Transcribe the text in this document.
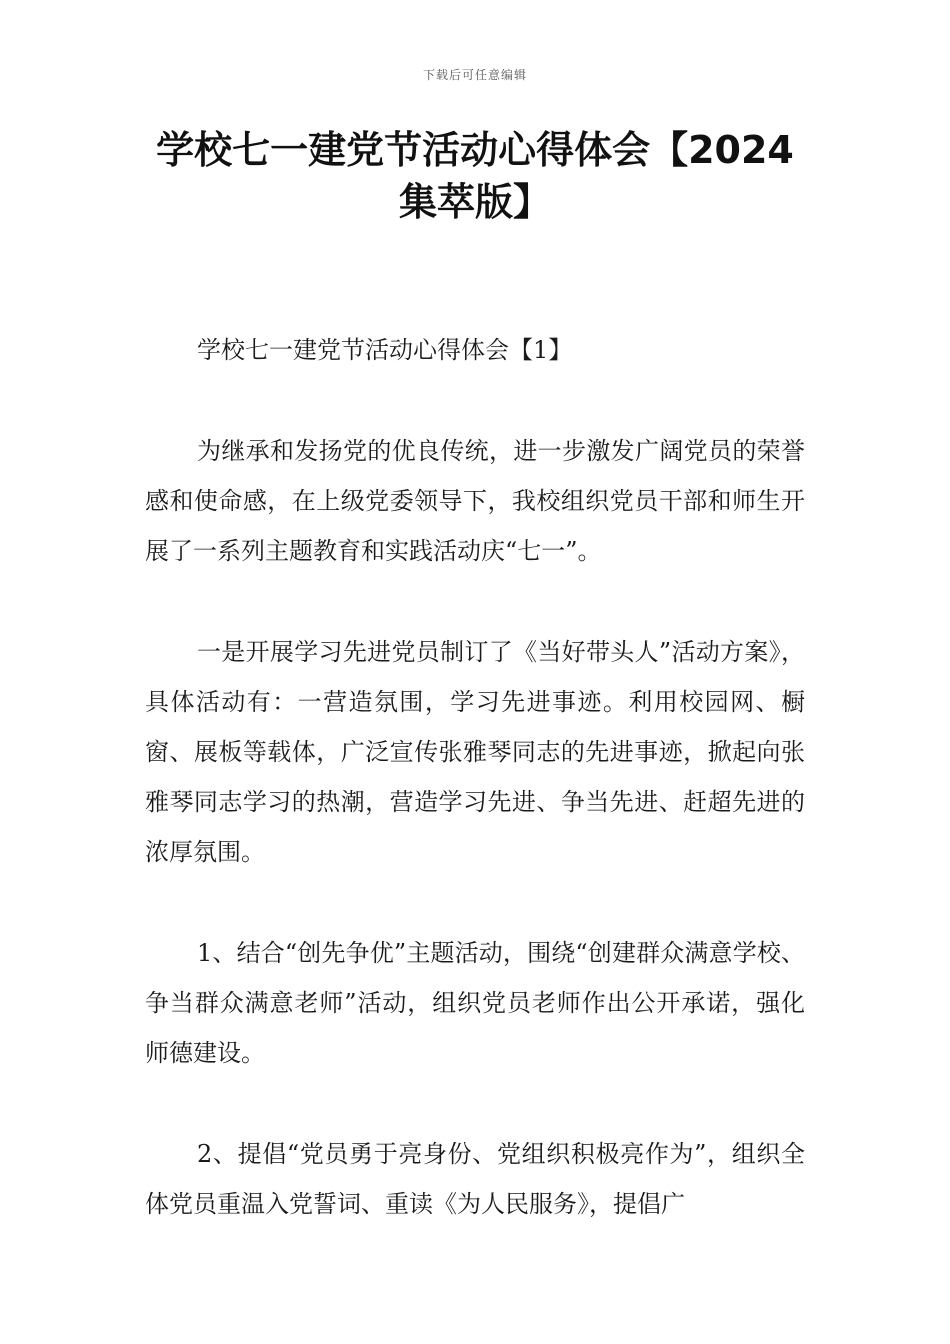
下载后可任意编辑
学校七一建党节活动心得体会【2024集萃版】

学校七一建党节活动心得体会【1】

为继承和发扬党的优良传统，进一步激发广阔党员的荣誉感和使命感，在上级党委领导下，我校组织党员干部和师生开展了一系列主题教育和实践活动庆“七一”。

一是开展学习先进党员制订了《当好带头人”活动方案》，具体活动有：一营造氛围，学习先进事迹。利用校园网、橱窗、展板等载体，广泛宣传张雅琴同志的先进事迹，掀起向张雅琴同志学习的热潮，营造学习先进、争当先进、赶超先进的浓厚氛围。

1、结合“创先争优”主题活动，围绕“创建群众满意学校、争当群众满意老师”活动，组织党员老师作出公开承诺，强化师德建设。

2、提倡“党员勇于亮身份、党组织积极亮作为”，组织全体党员重温入党誓词、重读《为人民服务》，提倡广
